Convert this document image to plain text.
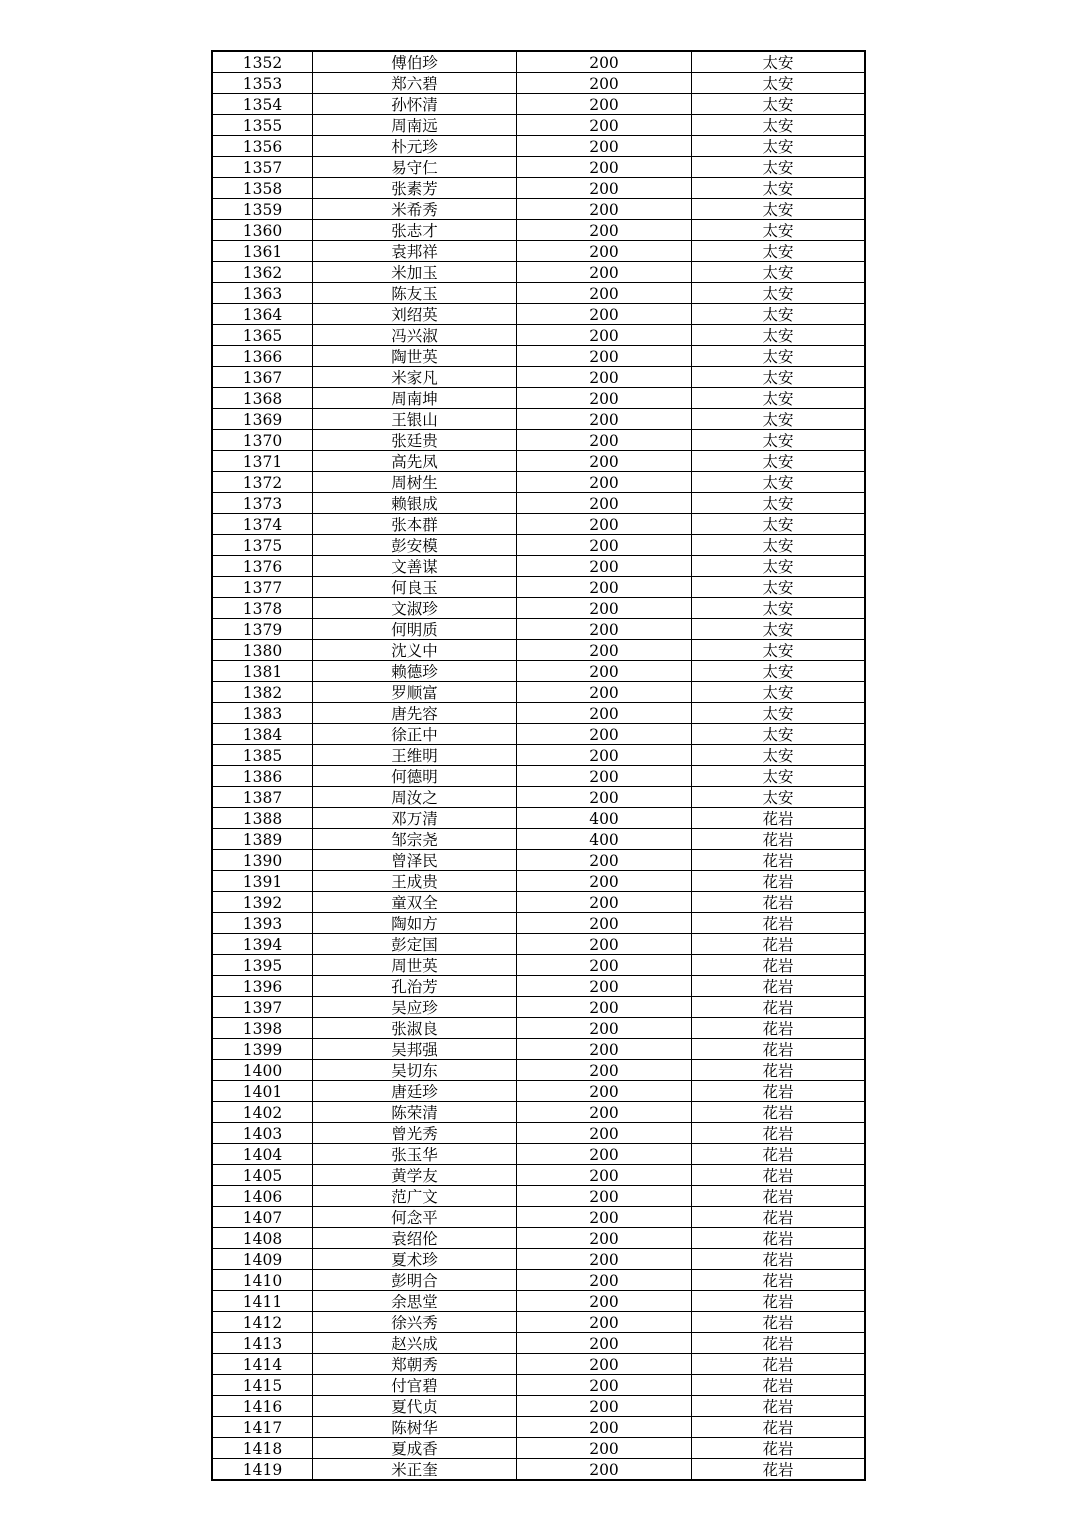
1352	傅伯珍	200	太安
1353	郑六碧	200	太安
1354	孙怀清	200	太安
1355	周南远	200	太安
1356	朴元珍	200	太安
1357	易守仁	200	太安
1358	张素芳	200	太安
1359	米希秀	200	太安
1360	张志才	200	太安
1361	袁邦祥	200	太安
1362	米加玉	200	太安
1363	陈友玉	200	太安
1364	刘绍英	200	太安
1365	冯兴淑	200	太安
1366	陶世英	200	太安
1367	米家凡	200	太安
1368	周南坤	200	太安
1369	王银山	200	太安
1370	张廷贵	200	太安
1371	高先凤	200	太安
1372	周树生	200	太安
1373	赖银成	200	太安
1374	张本群	200	太安
1375	彭安模	200	太安
1376	文善谋	200	太安
1377	何良玉	200	太安
1378	文淑珍	200	太安
1379	何明质	200	太安
1380	沈义中	200	太安
1381	赖德珍	200	太安
1382	罗顺富	200	太安
1383	唐先容	200	太安
1384	徐正中	200	太安
1385	王维明	200	太安
1386	何德明	200	太安
1387	周汝之	200	太安
1388	邓万清	400	花岩
1389	邹宗尧	400	花岩
1390	曾泽民	200	花岩
1391	王成贵	200	花岩
1392	童双全	200	花岩
1393	陶如方	200	花岩
1394	彭定国	200	花岩
1395	周世英	200	花岩
1396	孔治芳	200	花岩
1397	吴应珍	200	花岩
1398	张淑良	200	花岩
1399	吴邦强	200	花岩
1400	吴切东	200	花岩
1401	唐廷珍	200	花岩
1402	陈荣清	200	花岩
1403	曾光秀	200	花岩
1404	张玉华	200	花岩
1405	黄学友	200	花岩
1406	范广文	200	花岩
1407	何念平	200	花岩
1408	袁绍伦	200	花岩
1409	夏术珍	200	花岩
1410	彭明合	200	花岩
1411	余思堂	200	花岩
1412	徐兴秀	200	花岩
1413	赵兴成	200	花岩
1414	郑朝秀	200	花岩
1415	付官碧	200	花岩
1416	夏代贞	200	花岩
1417	陈树华	200	花岩
1418	夏成香	200	花岩
1419	米正奎	200	花岩
